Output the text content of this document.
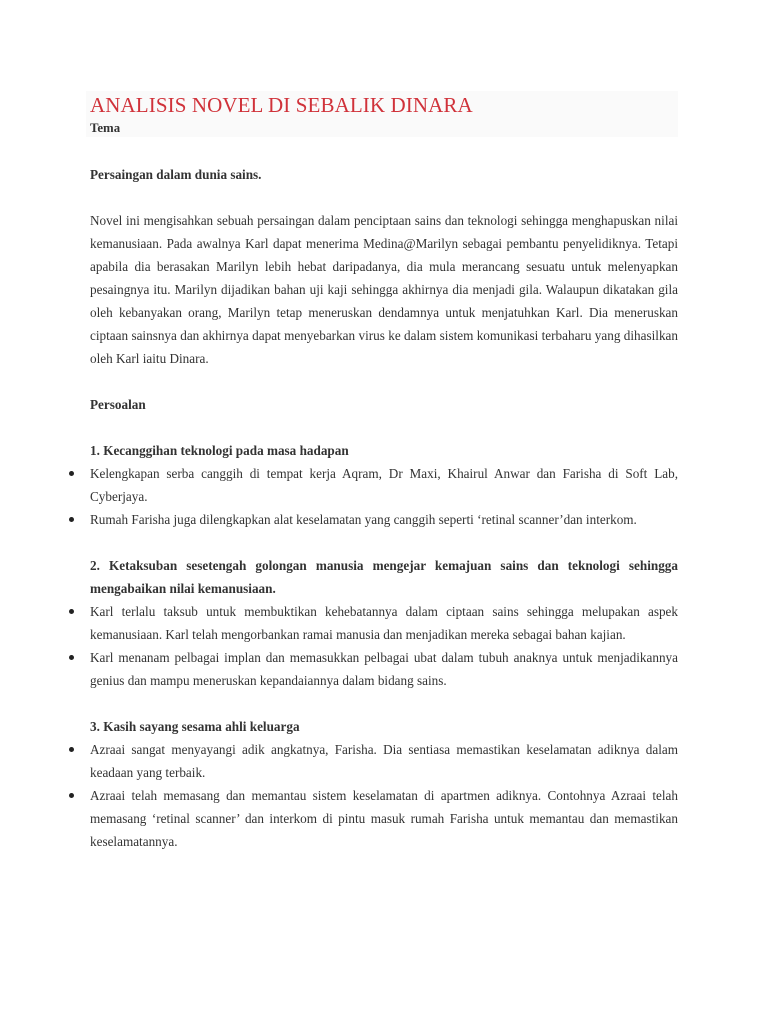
ANALISIS NOVEL DI SEBALIK DINARA

Tema

Persaingan dalam dunia sains.

Novel ini mengisahkan sebuah persaingan dalam penciptaan sains dan teknologi sehingga menghapuskan nilai kemanusiaan. Pada awalnya Karl dapat menerima Medina@Marilyn sebagai pembantu penyelidiknya. Tetapi apabila dia berasakan Marilyn lebih hebat daripadanya, dia mula merancang sesuatu untuk melenyapkan pesaingnya itu. Marilyn dijadikan bahan uji kaji sehingga akhirnya dia menjadi gila. Walaupun dikatakan gila oleh kebanyakan orang, Marilyn tetap meneruskan dendamnya untuk menjatuhkan Karl. Dia meneruskan ciptaan sainsnya dan akhirnya dapat menyebarkan virus ke dalam sistem komunikasi terbaharu yang dihasilkan oleh Karl iaitu Dinara.

Persoalan

1. Kecanggihan teknologi pada masa hadapan

Kelengkapan serba canggih di tempat kerja Aqram, Dr Maxi, Khairul Anwar dan Farisha di Soft Lab,          Cyberjaya.
Rumah Farisha juga dilengkapkan alat keselamatan yang canggih seperti ‘retinal scanner’dan interkom.

2. Ketaksuban sesetengah golongan manusia mengejar kemajuan sains dan teknologi sehingga mengabaikan nilai kemanusiaan.

Karl terlalu taksub untuk membuktikan kehebatannya dalam ciptaan sains sehingga melupakan aspek kemanusiaan. Karl telah mengorbankan ramai manusia dan menjadikan mereka sebagai bahan kajian.
Karl menanam pelbagai implan dan memasukkan pelbagai ubat dalam tubuh anaknya untuk menjadikannya genius dan mampu meneruskan kepandaiannya dalam bidang sains.

3. Kasih sayang sesama ahli keluarga

Azraai sangat menyayangi adik angkatnya, Farisha. Dia sentiasa memastikan keselamatan adiknya dalam keadaan yang terbaik.
Azraai telah memasang dan memantau sistem keselamatan di apartmen adiknya. Contohnya Azraai telah memasang ‘retinal scanner’ dan interkom di pintu masuk rumah Farisha untuk memantau dan memastikan keselamatannya.
